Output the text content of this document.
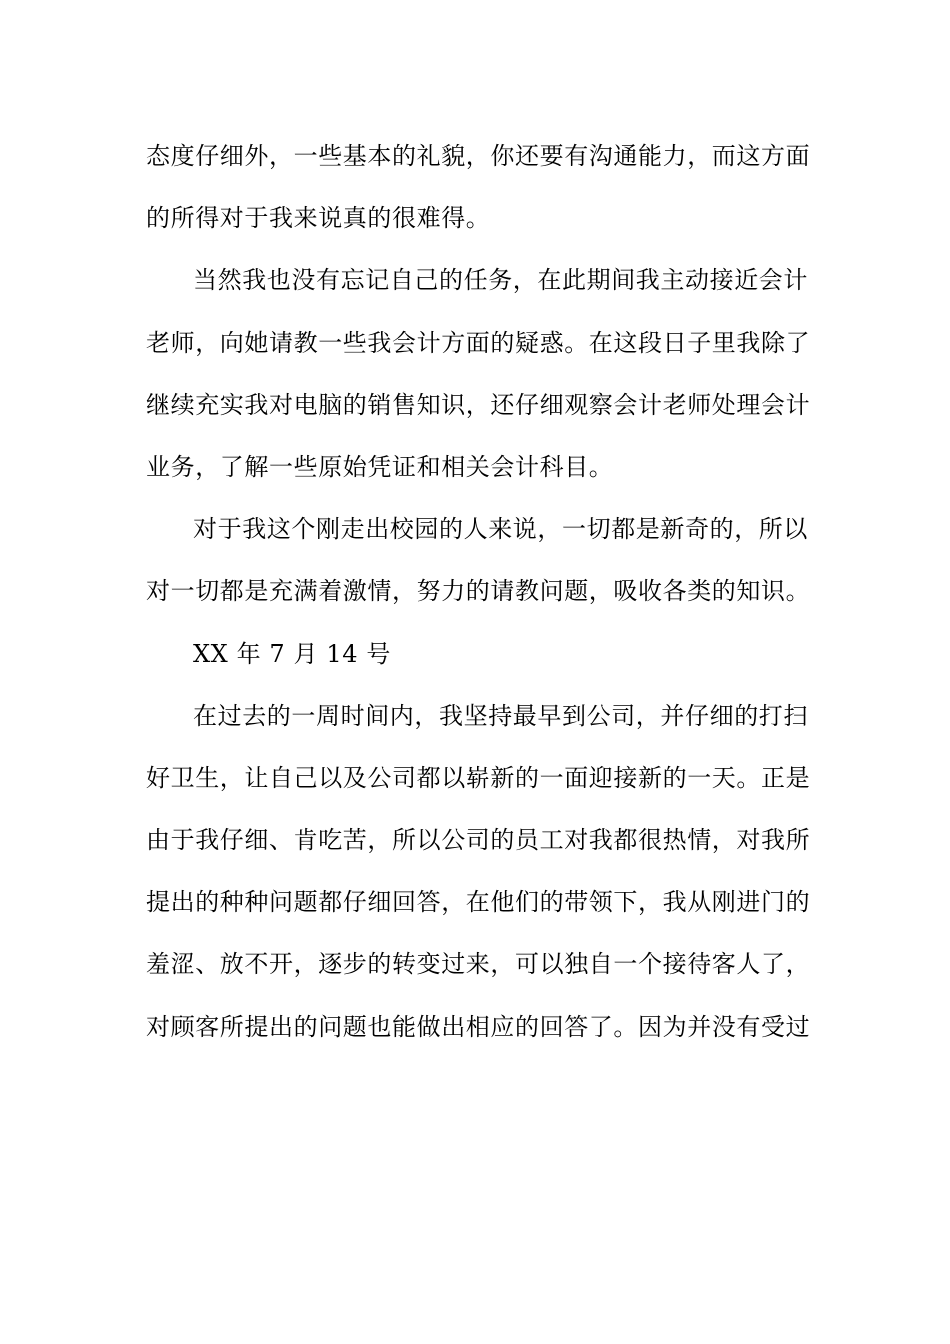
态度仔细外，一些基本的礼貌，你还要有沟通能力，而这方面
的所得对于我来说真的很难得。
当然我也没有忘记自己的任务，在此期间我主动接近会计
老师，向她请教一些我会计方面的疑惑。在这段日子里我除了
继续充实我对电脑的销售知识，还仔细观察会计老师处理会计
业务，了解一些原始凭证和相关会计科目。
对于我这个刚走出校园的人来说，一切都是新奇的，所以
对一切都是充满着激情，努力的请教问题，吸收各类的知识。
XX 年 7 月 14 号
在过去的一周时间内，我坚持最早到公司，并仔细的打扫
好卫生，让自己以及公司都以崭新的一面迎接新的一天。正是
由于我仔细、肯吃苦，所以公司的员工对我都很热情，对我所
提出的种种问题都仔细回答，在他们的带领下，我从刚进门的
羞涩、放不开，逐步的转变过来，可以独自一个接待客人了，
对顾客所提出的问题也能做出相应的回答了。因为并没有受过
